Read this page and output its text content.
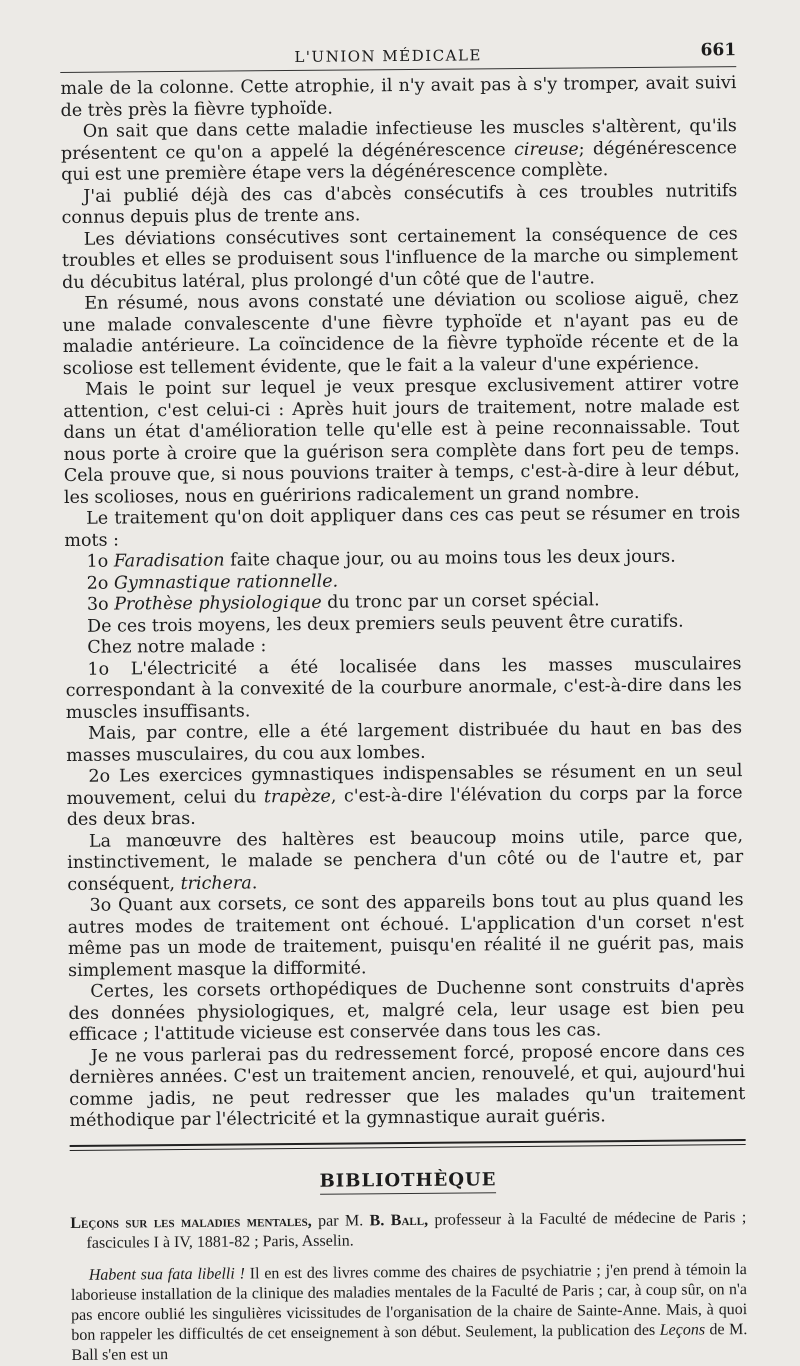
L'UNION MÉDICALE	661

male de la colonne. Cette atrophie, il n'y avait pas à s'y tromper, avait suivi de très près la fièvre typhoïde.

On sait que dans cette maladie infectieuse les muscles s'altèrent, qu'ils présentent ce qu'on a appelé la dégénérescence cireuse; dégénérescence qui est une première étape vers la dégénérescence complète.

J'ai publié déjà des cas d'abcès consécutifs à ces troubles nutritifs connus depuis plus de trente ans.

Les déviations consécutives sont certainement la conséquence de ces troubles et elles se produisent sous l'influence de la marche ou simplement du décubitus latéral, plus prolongé d'un côté que de l'autre.

En résumé, nous avons constaté une déviation ou scoliose aiguë, chez une malade convalescente d'une fièvre typhoïde et n'ayant pas eu de maladie antérieure. La coïncidence de la fièvre typhoïde récente et de la scoliose est tellement évidente, que le fait a la valeur d'une expérience.

Mais le point sur lequel je veux presque exclusivement attirer votre attention, c'est celui-ci : Après huit jours de traitement, notre malade est dans un état d'amélioration telle qu'elle est à peine reconnaissable. Tout nous porte à croire que la guérison sera complète dans fort peu de temps. Cela prouve que, si nous pouvions traiter à temps, c'est-à-dire à leur début, les scolioses, nous en guéririons radicalement un grand nombre.

Le traitement qu'on doit appliquer dans ces cas peut se résumer en trois mots :

1o Faradisation faite chaque jour, ou au moins tous les deux jours.

2o Gymnastique rationnelle.

3o Prothèse physiologique du tronc par un corset spécial.

De ces trois moyens, les deux premiers seuls peuvent être curatifs.

Chez notre malade :

1o L'électricité a été localisée dans les masses musculaires correspondant à la convexité de la courbure anormale, c'est-à-dire dans les muscles insuffisants.

Mais, par contre, elle a été largement distribuée du haut en bas des masses musculaires, du cou aux lombes.

2o Les exercices gymnastiques indispensables se résument en un seul mouvement, celui du trapèze, c'est-à-dire l'élévation du corps par la force des deux bras.

La manœuvre des haltères est beaucoup moins utile, parce que, instinctivement, le malade se penchera d'un côté ou de l'autre et, par conséquent, trichera.

3o Quant aux corsets, ce sont des appareils bons tout au plus quand les autres modes de traitement ont échoué. L'application d'un corset n'est même pas un mode de traitement, puisqu'en réalité il ne guérit pas, mais simplement masque la difformité.

Certes, les corsets orthopédiques de Duchenne sont construits d'après des données physiologiques, et, malgré cela, leur usage est bien peu efficace ; l'attitude vicieuse est conservée dans tous les cas.

Je ne vous parlerai pas du redressement forcé, proposé encore dans ces dernières années. C'est un traitement ancien, renouvelé, et qui, aujourd'hui comme jadis, ne peut redresser que les malades qu'un traitement méthodique par l'électricité et la gymnastique aurait guéris.

BIBLIOTHÈQUE

Leçons sur les maladies mentales, par M. B. Ball, professeur à la Faculté de médecine de Paris ; fascicules I à IV, 1881-82 ; Paris, Asselin.

Habent sua fata libelli ! Il en est des livres comme des chaires de psychiatrie ; j'en prend à témoin la laborieuse installation de la clinique des maladies mentales de la Faculté de Paris ; car, à coup sûr, on n'a pas encore oublié les singulières vicissitudes de l'organisation de la chaire de Sainte-Anne. Mais, à quoi bon rappeler les difficultés de cet enseignement à son début. Seulement, la publication des Leçons de M. Ball s'en est un
